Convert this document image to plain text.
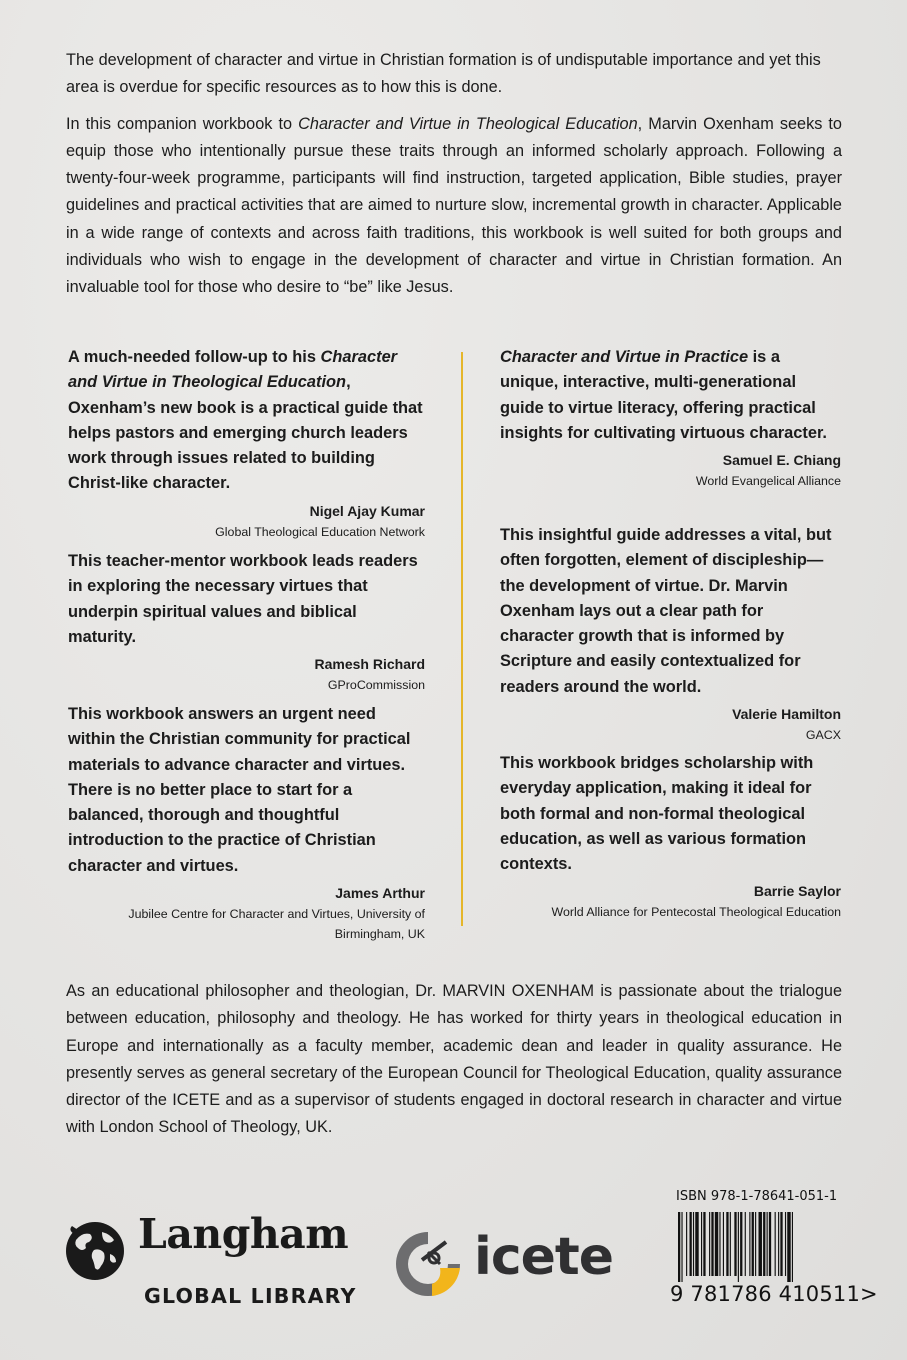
The development of character and virtue in Christian formation is of undisputable importance and yet this area is overdue for specific resources as to how this is done.

In this companion workbook to Character and Virtue in Theological Education, Marvin Oxenham seeks to equip those who intentionally pursue these traits through an informed scholarly approach. Following a twenty-four-week programme, participants will find instruction, targeted application, Bible studies, prayer guidelines and practical activities that are aimed to nurture slow, incremental growth in character. Applicable in a wide range of contexts and across faith traditions, this workbook is well suited for both groups and individuals who wish to engage in the development of character and virtue in Christian formation. An invaluable tool for those who desire to “be” like Jesus.

A much-needed follow-up to his Character and Virtue in Theological Education, Oxenham’s new book is a practical guide that helps pastors and emerging church leaders work through issues related to building Christ-like character.

Nigel Ajay Kumar
Global Theological Education Network

This teacher-mentor workbook leads readers in exploring the necessary virtues that underpin spiritual values and biblical maturity.

Ramesh Richard
GProCommission

This workbook answers an urgent need within the Christian community for practical materials to advance character and virtues. There is no better place to start for a balanced, thorough and thoughtful introduction to the practice of Christian character and virtues.

James Arthur
Jubilee Centre for Character and Virtues, University of Birmingham, UK

Character and Virtue in Practice is a unique, interactive, multi-generational guide to virtue literacy, offering practical insights for cultivating virtuous character.

Samuel E. Chiang
World Evangelical Alliance

This insightful guide addresses a vital, but often forgotten, element of discipleship—the development of virtue. Dr. Marvin Oxenham lays out a clear path for character growth that is informed by Scripture and easily contextualized for readers around the world.

Valerie Hamilton
GACX

This workbook bridges scholarship with everyday application, making it ideal for both formal and non-formal theological education, as well as various formation contexts.

Barrie Saylor
World Alliance for Pentecostal Theological Education

As an educational philosopher and theologian, Dr. MARVIN OXENHAM is passionate about the trialogue between education, philosophy and theology. He has worked for thirty years in theological education in Europe and internationally as a faculty member, academic dean and leader in quality assurance. He presently serves as general secretary of the European Council for Theological Education, quality assurance director of the ICETE and as a supervisor of students engaged in doctoral research in character and virtue with London School of Theology, UK.

Langham
GLOBAL LIBRARY
icete
ISBN 978-1-78641-051-1
9 781786 410511>
